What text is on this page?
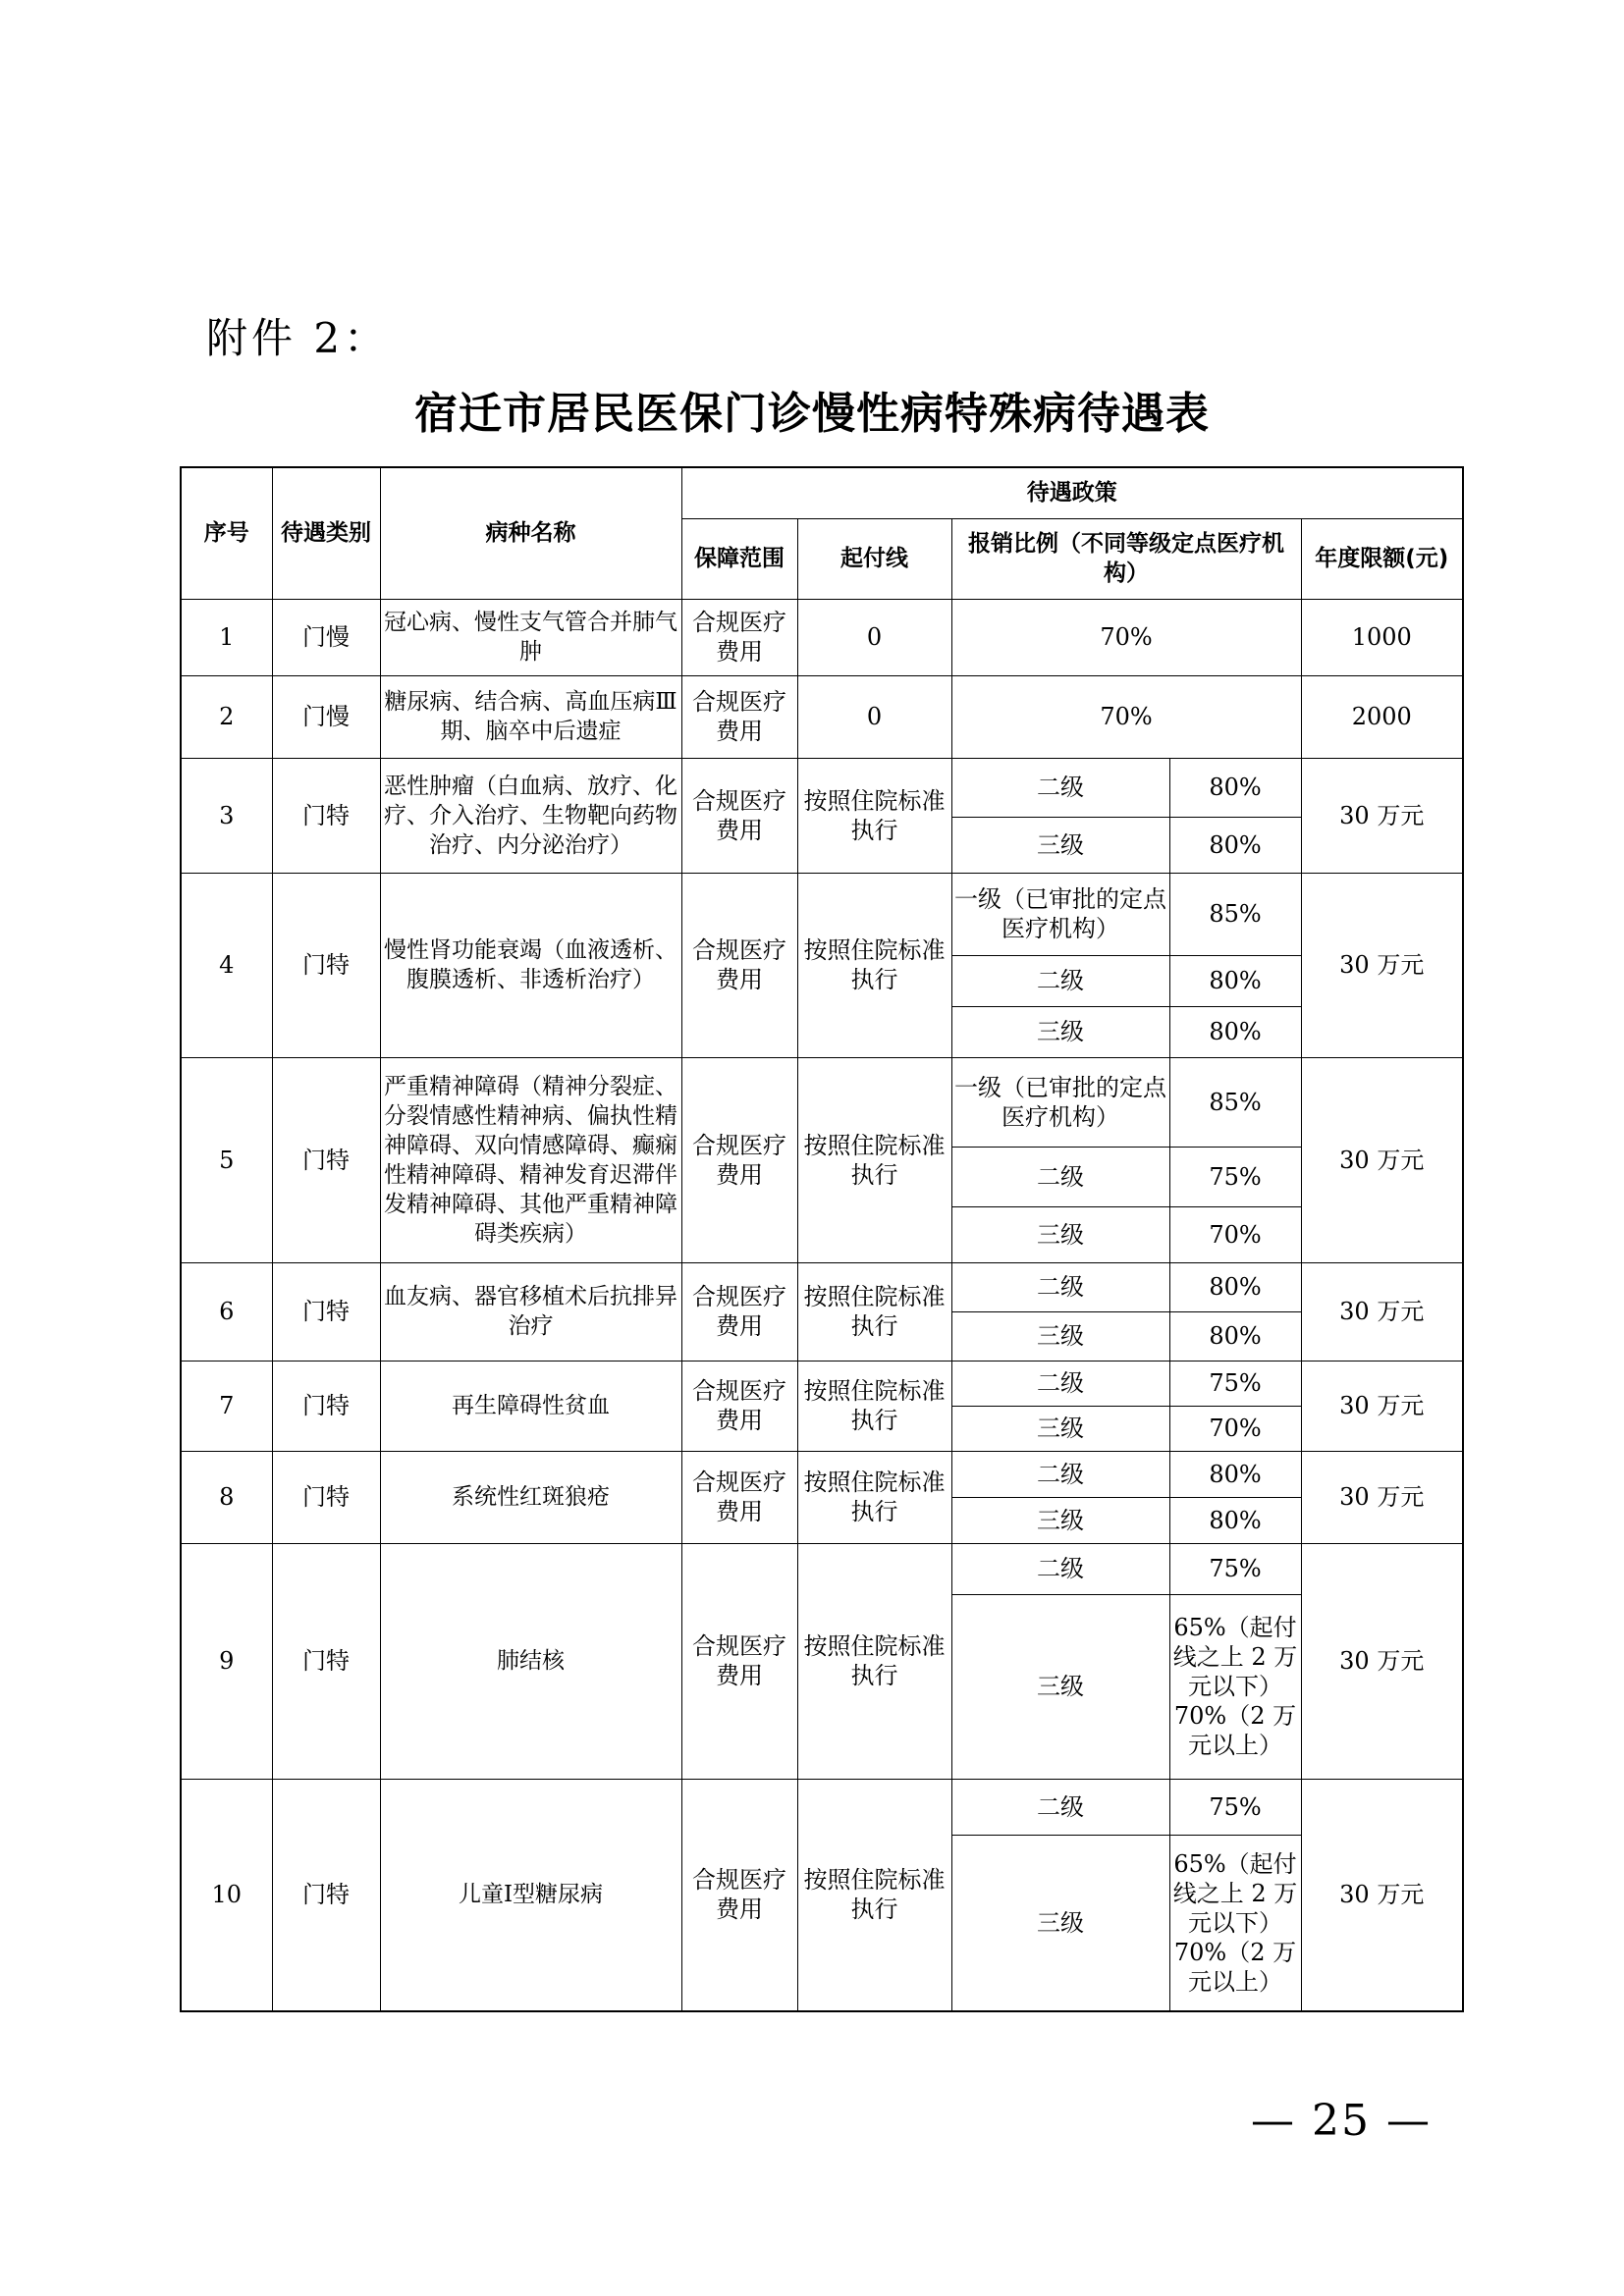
附件 2：
宿迁市居民医保门诊慢性病特殊病待遇表
序号	待遇类别	病种名称	待遇政策				
			保障范围	起付线	报销比例（不同等级定点医疗机构）		年度限额(元)
1	门慢	冠心病、慢性支气管合并肺气肿	合规医疗费用	0	70%		1000
2	门慢	糖尿病、结合病、高血压病Ⅲ期、脑卒中后遗症	合规医疗费用	0	70%		2000
3	门特	恶性肿瘤（白血病、放疗、化疗、介入治疗、生物靶向药物治疗、内分泌治疗）	合规医疗费用	按照住院标准执行	二级	80%	30 万元
					三级	80%	
4	门特	慢性肾功能衰竭（血液透析、腹膜透析、非透析治疗）	合规医疗费用	按照住院标准执行	一级（已审批的定点医疗机构）	85%	30 万元
					二级	80%	
					三级	80%	
5	门特	严重精神障碍（精神分裂症、分裂情感性精神病、偏执性精神障碍、双向情感障碍、癫痫性精神障碍、精神发育迟滞伴发精神障碍、其他严重精神障碍类疾病）	合规医疗费用	按照住院标准执行	一级（已审批的定点医疗机构）	85%	30 万元
					二级	75%	
					三级	70%	
6	门特	血友病、器官移植术后抗排异治疗	合规医疗费用	按照住院标准执行	二级	80%	30 万元
					三级	80%	
7	门特	再生障碍性贫血	合规医疗费用	按照住院标准执行	二级	75%	30 万元
					三级	70%	
8	门特	系统性红斑狼疮	合规医疗费用	按照住院标准执行	二级	80%	30 万元
					三级	80%	
9	门特	肺结核	合规医疗费用	按照住院标准执行	二级	75%	30 万元
					三级	65%（起付线之上 2 万元以下）70%（2 万元以上）	
10	门特	儿童Ⅰ型糖尿病	合规医疗费用	按照住院标准执行	二级	75%	30 万元
					三级	65%（起付线之上 2 万元以下）70%（2 万元以上）	
— 25 —
